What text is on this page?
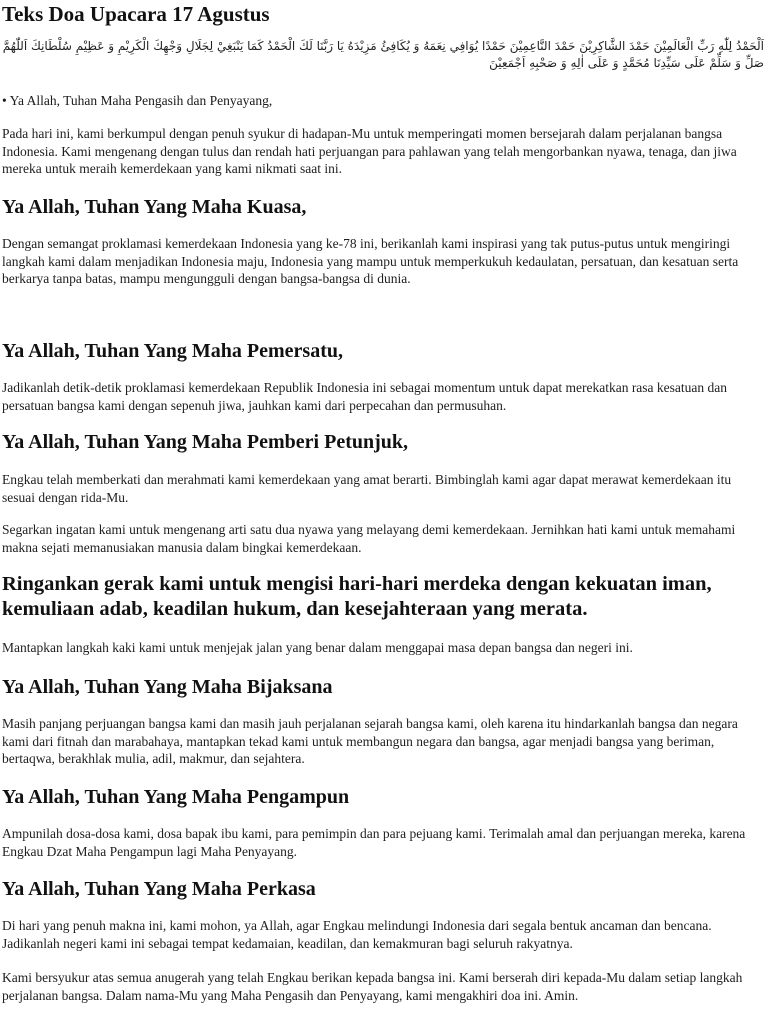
Teks Doa Upacara 17 Agustus
اَلْحَمْدُ لِلّٰهِ رَبِّ الْعَالَمِيْنَ حَمْدَ الشَّاكِرِيْنَ حَمْدَ النَّاعِمِيْنَ حَمْدًا يُوَافِي نِعَمَهُ وَ يُكَافِئُ مَزِيْدَهُ يَا رَبَّنَا لَكَ الْحَمْدُ كَمَا يَنْبَغِيْ لِجَلَالِ وَجْهِكَ الْكَرِيْمِ وَ عَظِيْمِ سُلْطَانِكَ اَللّٰهُمَّ صَلِّ وَ سَلِّمْ عَلَى سَيِّدِنَا مُحَمَّدٍ وَ عَلَى اٰلِهِ وَ صَحْبِهِ اَجْمَعِيْنَ
• Ya Allah, Tuhan Maha Pengasih dan Penyayang,

Pada hari ini, kami berkumpul dengan penuh syukur di hadapan-Mu untuk memperingati momen bersejarah dalam perjalanan bangsa Indonesia. Kami mengenang dengan tulus dan rendah hati perjuangan para pahlawan yang telah mengorbankan nyawa, tenaga, dan jiwa mereka untuk meraih kemerdekaan yang kami nikmati saat ini.

Ya Allah, Tuhan Yang Maha Kuasa,

Dengan semangat proklamasi kemerdekaan Indonesia yang ke-78 ini, berikanlah kami inspirasi yang tak putus-putus untuk mengiringi langkah kami dalam menjadikan Indonesia maju, Indonesia yang mampu untuk memperkukuh kedaulatan, persatuan, dan kesatuan serta berkarya tanpa batas, mampu mengungguli dengan bangsa-bangsa di dunia.

Ya Allah, Tuhan Yang Maha Pemersatu,

Jadikanlah detik-detik proklamasi kemerdekaan Republik Indonesia ini sebagai momentum untuk dapat merekatkan rasa kesatuan dan persatuan bangsa kami dengan sepenuh jiwa, jauhkan kami dari perpecahan dan permusuhan.

Ya Allah, Tuhan Yang Maha Pemberi Petunjuk,

Engkau telah memberkati dan merahmati kami kemerdekaan yang amat berarti. Bimbinglah kami agar dapat merawat kemerdekaan itu sesuai dengan rida-Mu.

Segarkan ingatan kami untuk mengenang arti satu dua nyawa yang melayang demi kemerdekaan. Jernihkan hati kami untuk memahami makna sejati memanusiakan manusia dalam bingkai kemerdekaan.

Ringankan gerak kami untuk mengisi hari-hari merdeka dengan kekuatan iman, kemuliaan adab, keadilan hukum, dan kesejahteraan yang merata.

Mantapkan langkah kaki kami untuk menjejak jalan yang benar dalam menggapai masa depan bangsa dan negeri ini.

Ya Allah, Tuhan Yang Maha Bijaksana

Masih panjang perjuangan bangsa kami dan masih jauh perjalanan sejarah bangsa kami, oleh karena itu hindarkanlah bangsa dan negara kami dari fitnah dan marabahaya, mantapkan tekad kami untuk membangun negara dan bangsa, agar menjadi bangsa yang beriman, bertaqwa, berakhlak mulia, adil, makmur, dan sejahtera.

Ya Allah, Tuhan Yang Maha Pengampun

Ampunilah dosa-dosa kami, dosa bapak ibu kami, para pemimpin dan para pejuang kami. Terimalah amal dan perjuangan mereka, karena Engkau Dzat Maha Pengampun lagi Maha Penyayang.

Ya Allah, Tuhan Yang Maha Perkasa

Di hari yang penuh makna ini, kami mohon, ya Allah, agar Engkau melindungi Indonesia dari segala bentuk ancaman dan bencana. Jadikanlah negeri kami ini sebagai tempat kedamaian, keadilan, dan kemakmuran bagi seluruh rakyatnya.

Kami bersyukur atas semua anugerah yang telah Engkau berikan kepada bangsa ini. Kami berserah diri kepada-Mu dalam setiap langkah perjalanan bangsa. Dalam nama-Mu yang Maha Pengasih dan Penyayang, kami mengakhiri doa ini. Amin.
